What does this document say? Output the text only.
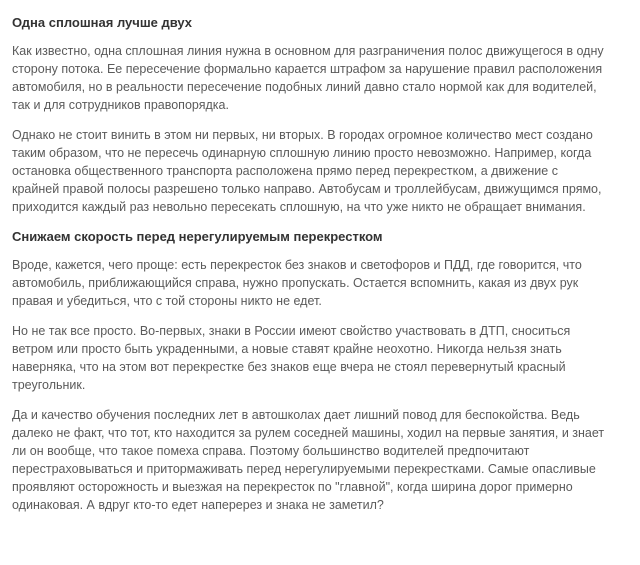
Одна сплошная лучше двух

Как известно, одна сплошная линия нужна в основном для разграничения полос движущегося в одну
сторону потока. Ее пересечение формально карается штрафом за нарушение правил расположения
автомобиля, но в реальности пересечение подобных линий давно стало нормой как для водителей,
так и для сотрудников правопорядка.

Однако не стоит винить в этом ни первых, ни вторых. В городах огромное количество мест создано
таким образом, что не пересечь одинарную сплошную линию просто невозможно. Например, когда
остановка общественного транспорта расположена прямо перед перекрестком, а движение с
крайней правой полосы разрешено только направо. Автобусам и троллейбусам, движущимся прямо,
приходится каждый раз невольно пересекать сплошную, на что уже никто не обращает внимания.

Снижаем скорость перед нерегулируемым перекрестком

Вроде, кажется, чего проще: есть перекресток без знаков и светофоров и ПДД, где говорится, что
автомобиль, приближающийся справа, нужно пропускать. Остается вспомнить, какая из двух рук
правая и убедиться, что с той стороны никто не едет.

Но не так все просто. Во-первых, знаки в России имеют свойство участвовать в ДТП, сноситься
ветром или просто быть украденными, а новые ставят крайне неохотно. Никогда нельзя знать
наверняка, что на этом вот перекрестке без знаков еще вчера не стоял перевернутый красный
треугольник.

Да и качество обучения последних лет в автошколах дает лишний повод для беспокойства. Ведь
далеко не факт, что тот, кто находится за рулем соседней машины, ходил на первые занятия, и знает
ли он вообще, что такое помеха справа. Поэтому большинство водителей предпочитают
перестраховываться и притормаживать перед нерегулируемыми перекрестками. Самые опасливые
проявляют осторожность и выезжая на перекресток по "главной", когда ширина дорог примерно
одинаковая. А вдруг кто-то едет наперерез и знака не заметил?
